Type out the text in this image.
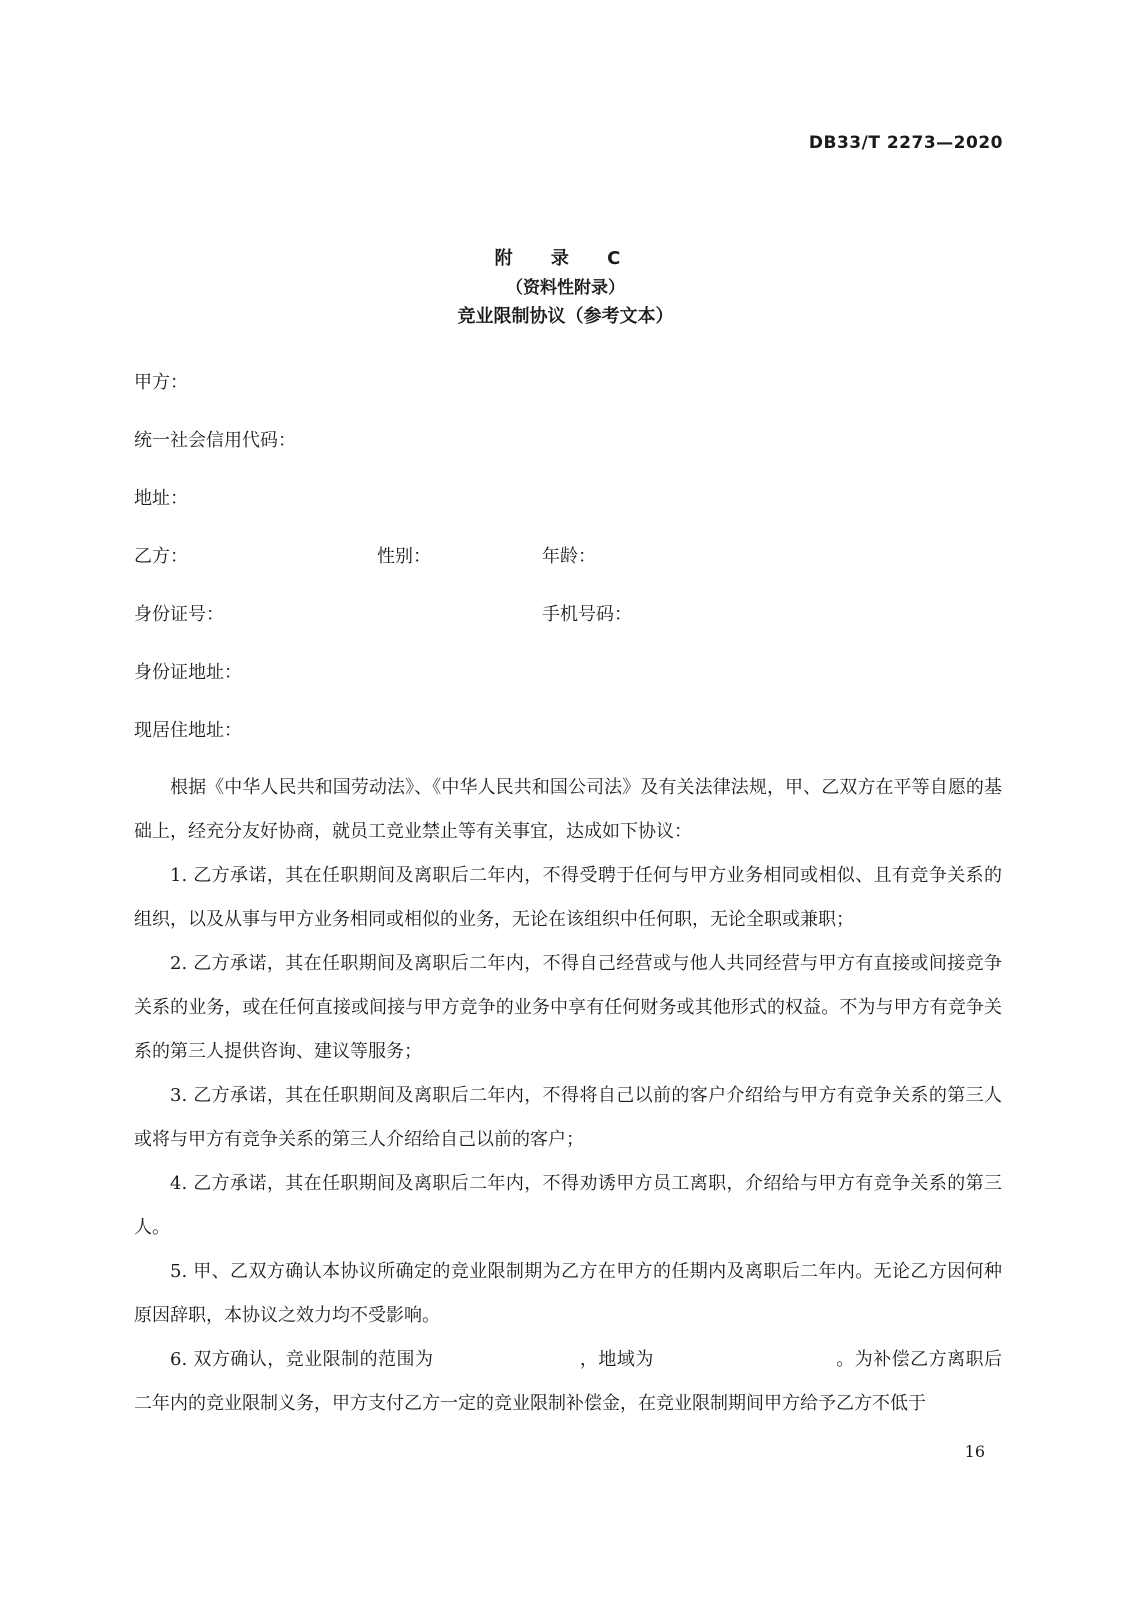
DB33/T 2273—2020
附 录 C
（资料性附录）
竞业限制协议（参考文本）
甲方：
统一社会信用代码：
地址：
乙方：	性别：	年龄：
身份证号：	手机号码：
身份证地址：
现居住地址：

根据《中华人民共和国劳动法》、《中华人民共和国公司法》及有关法律法规，甲、乙双方在平等自愿的基础上，经充分友好协商，就员工竞业禁止等有关事宜，达成如下协议：

1. 乙方承诺，其在任职期间及离职后二年内，不得受聘于任何与甲方业务相同或相似、且有竞争关系的组织，以及从事与甲方业务相同或相似的业务，无论在该组织中任何职，无论全职或兼职；

2. 乙方承诺，其在任职期间及离职后二年内，不得自己经营或与他人共同经营与甲方有直接或间接竞争关系的业务，或在任何直接或间接与甲方竞争的业务中享有任何财务或其他形式的权益。不为与甲方有竞争关系的第三人提供咨询、建议等服务；

3. 乙方承诺，其在任职期间及离职后二年内，不得将自己以前的客户介绍给与甲方有竞争关系的第三人或将与甲方有竞争关系的第三人介绍给自己以前的客户；

4. 乙方承诺，其在任职期间及离职后二年内，不得劝诱甲方员工离职，介绍给与甲方有竞争关系的第三人。

5. 甲、乙双方确认本协议所确定的竞业限制期为乙方在甲方的任期内及离职后二年内。无论乙方因何种原因辞职，本协议之效力均不受影响。

6. 双方确认，竞业限制的范围为	，地域为	。为补偿乙方离职后二年内的竞业限制义务，甲方支付乙方一定的竞业限制补偿金，在竞业限制期间甲方给予乙方不低于

16
